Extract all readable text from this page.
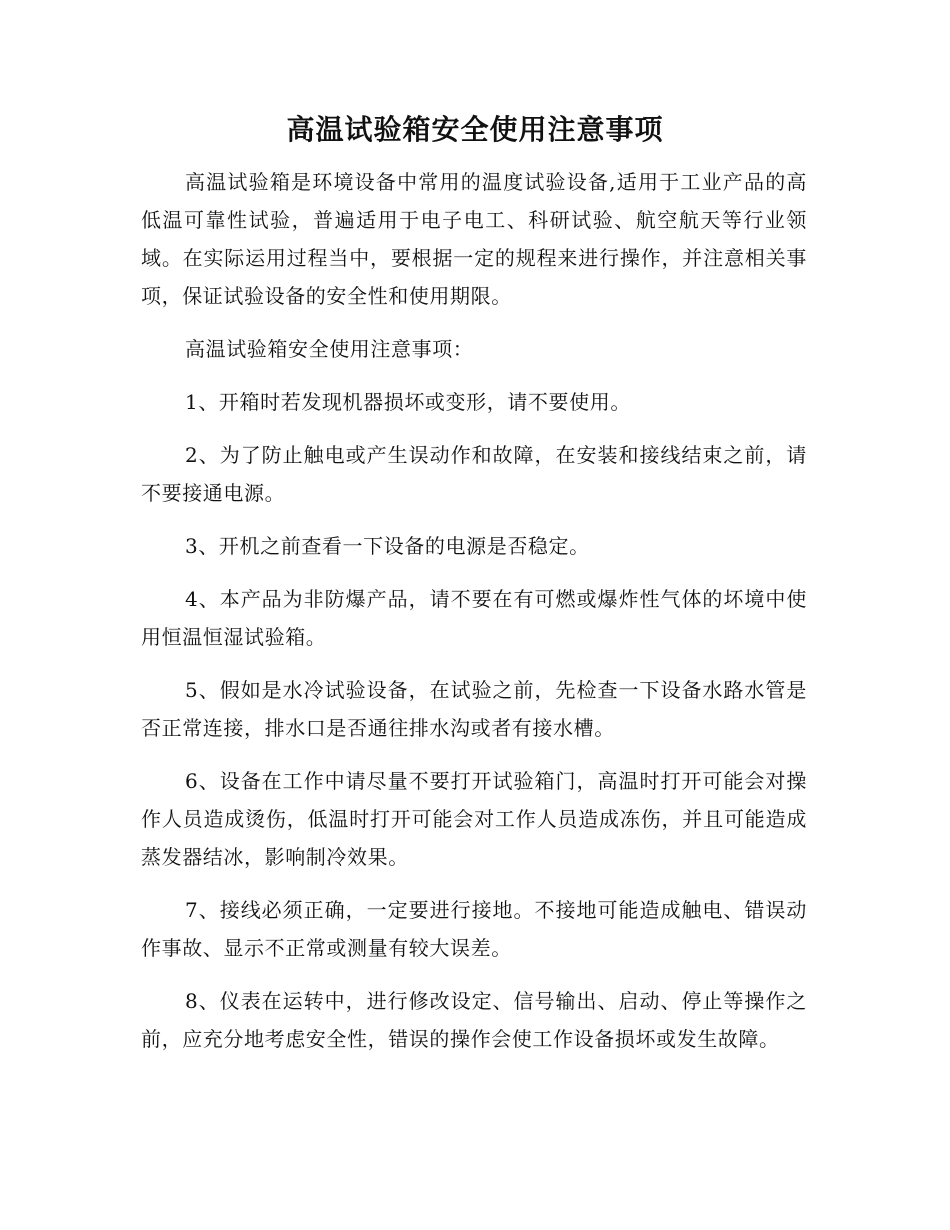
高温试验箱安全使用注意事项

高温试验箱是环境设备中常用的温度试验设备,适用于工业产品的高低温可靠性试验，普遍适用于电子电工、科研试验、航空航天等行业领域。在实际运用过程当中，要根据一定的规程来进行操作，并注意相关事项，保证试验设备的安全性和使用期限。

高温试验箱安全使用注意事项：

1、开箱时若发现机器损坏或变形，请不要使用。

2、为了防止触电或产生误动作和故障，在安装和接线结束之前，请不要接通电源。

3、开机之前查看一下设备的电源是否稳定。

4、本产品为非防爆产品，请不要在有可燃或爆炸性气体的坏境中使用恒温恒湿试验箱。

5、假如是水冷试验设备，在试验之前，先检查一下设备水路水管是否正常连接，排水口是否通往排水沟或者有接水槽。

6、设备在工作中请尽量不要打开试验箱门，高温时打开可能会对操作人员造成烫伤，低温时打开可能会对工作人员造成冻伤，并且可能造成蒸发器结冰，影响制冷效果。

7、接线必须正确，一定要进行接地。不接地可能造成触电、错误动作事故、显示不正常或测量有较大误差。

8、仪表在运转中，进行修改设定、信号输出、启动、停止等操作之前，应充分地考虑安全性，错误的操作会使工作设备损坏或发生故障。
